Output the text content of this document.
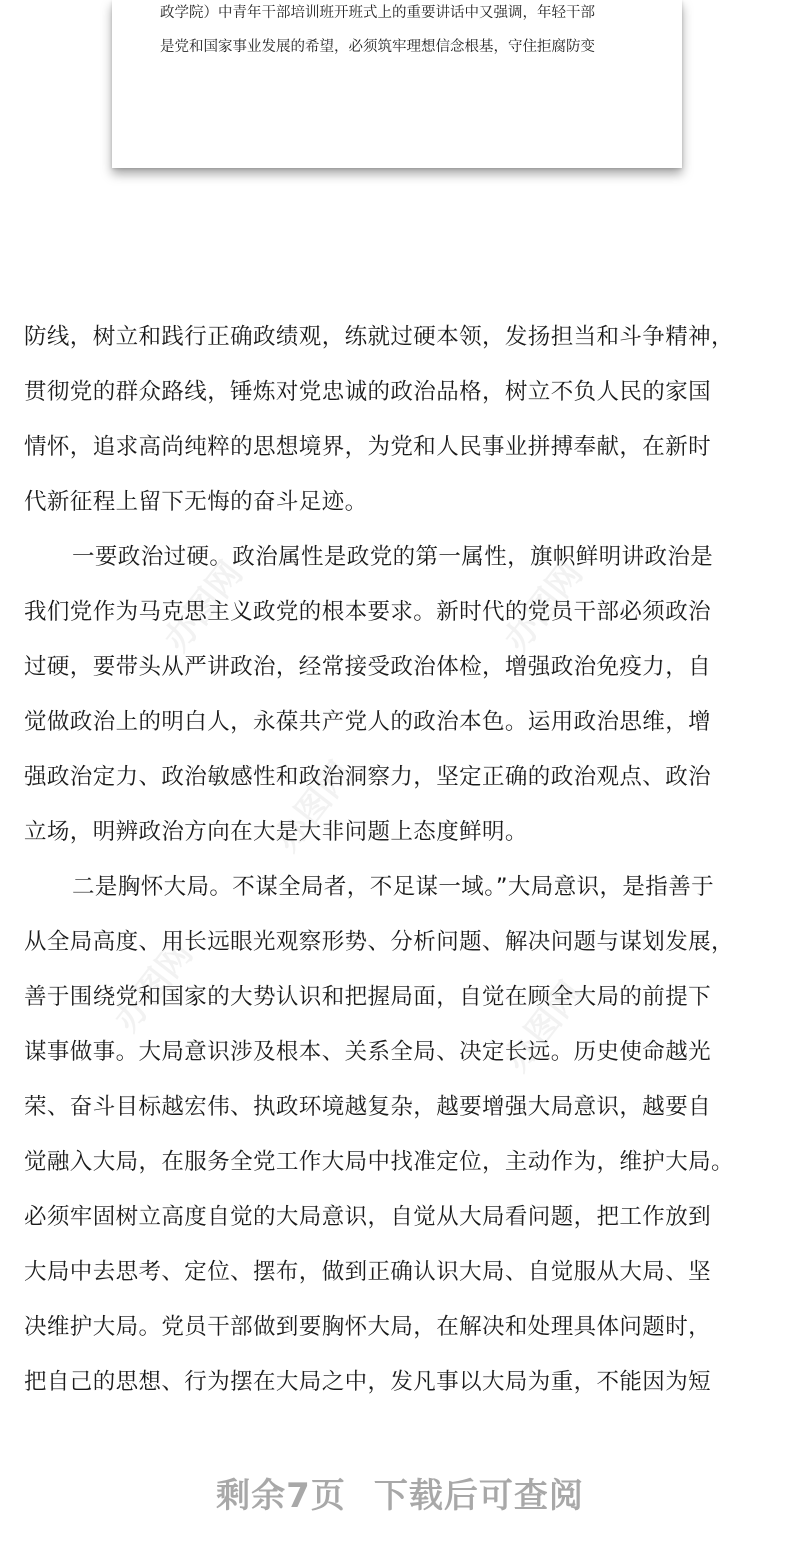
政学院）中青年干部培训班开班式上的重要讲话中又强调，年轻干部
是党和国家事业发展的希望，必须筑牢理想信念根基，守住拒腐防变
办图网	办图网
办图网
办图网	办图网
防线，树立和践行正确政绩观，练就过硬本领，发扬担当和斗争精神，
贯彻党的群众路线，锤炼对党忠诚的政治品格，树立不负人民的家国
情怀，追求高尚纯粹的思想境界，为党和人民事业拼搏奉献，在新时
代新征程上留下无悔的奋斗足迹。
一要政治过硬。政治属性是政党的第一属性，旗帜鲜明讲政治是
我们党作为马克思主义政党的根本要求。新时代的党员干部必须政治
过硬，要带头从严讲政治，经常接受政治体检，增强政治免疫力，自
觉做政治上的明白人，永葆共产党人的政治本色。运用政治思维，增
强政治定力、政治敏感性和政治洞察力，坚定正确的政治观点、政治
立场，明辨政治方向在大是大非问题上态度鲜明。
二是胸怀大局。不谋全局者，不足谋一域。”大局意识，是指善于
从全局高度、用长远眼光观察形势、分析问题、解决问题与谋划发展，
善于围绕党和国家的大势认识和把握局面，自觉在顾全大局的前提下
谋事做事。大局意识涉及根本、关系全局、决定长远。历史使命越光
荣、奋斗目标越宏伟、执政环境越复杂，越要增强大局意识，越要自
觉融入大局，在服务全党工作大局中找准定位，主动作为，维护大局。
必须牢固树立高度自觉的大局意识，自觉从大局看问题，把工作放到
大局中去思考、定位、摆布，做到正确认识大局、自觉服从大局、坚
决维护大局。党员干部做到要胸怀大局，在解决和处理具体问题时，
把自己的思想、行为摆在大局之中，发凡事以大局为重，不能因为短
剩余7页 下载后可查阅
